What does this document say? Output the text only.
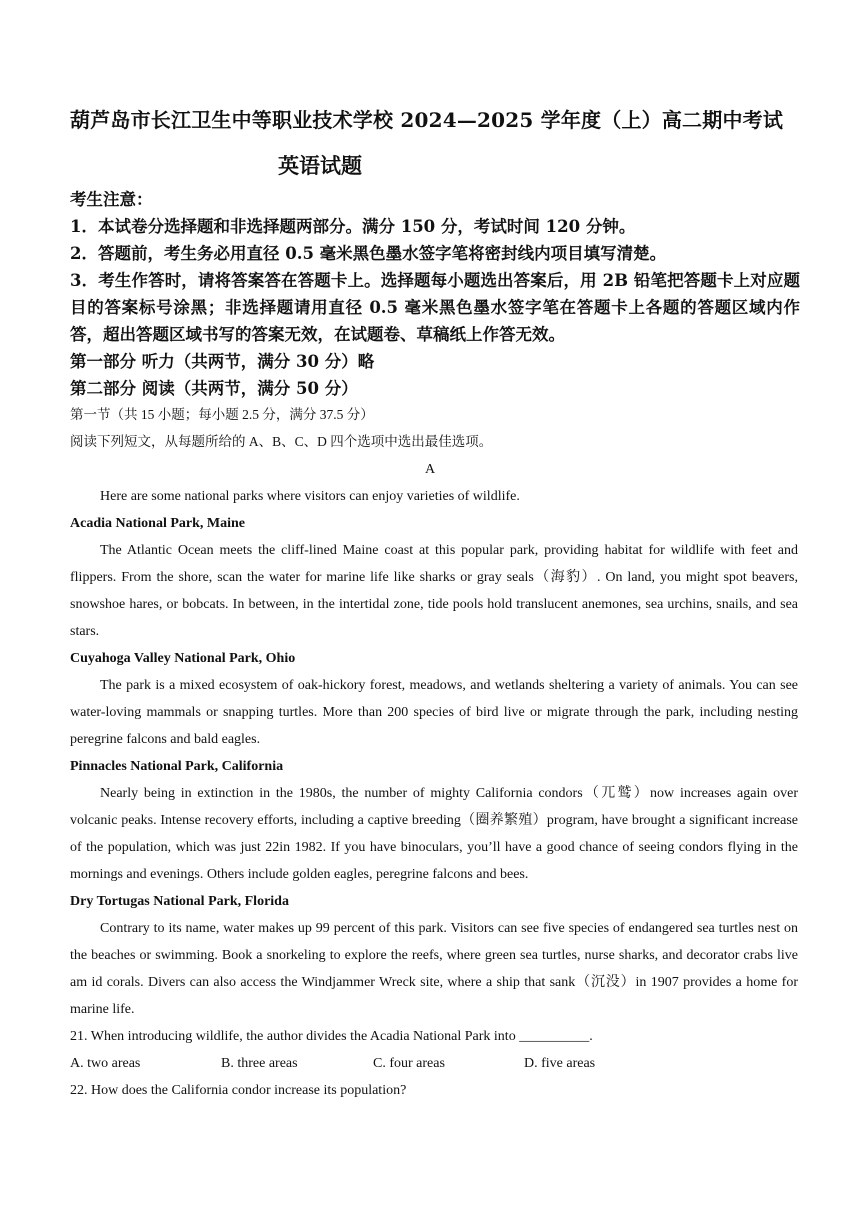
葫芦岛市长江卫生中等职业技术学校 2024—2025 学年度（上）高二期中考试
英语试题
考生注意：
1．本试卷分选择题和非选择题两部分。满分 150 分，考试时间 120 分钟。
2．答题前，考生务必用直径 0.5 毫米黑色墨水签字笔将密封线内项目填写清楚。
3．考生作答时，请将答案答在答题卡上。选择题每小题选出答案后，用 2B 铅笔把答题卡上对应题目的答案标号涂黑；非选择题请用直径 0.5 毫米黑色墨水签字笔在答题卡上各题的答题区域内作答，超出答题区域书写的答案无效，在试题卷、草稿纸上作答无效。
第一部分 听力（共两节，满分 30 分）略
第二部分 阅读（共两节，满分 50 分）
第一节（共 15 小题；每小题 2.5 分，满分 37.5 分）
阅读下列短文，从每题所给的 A、B、C、D 四个选项中选出最佳选项。
A
Here are some national parks where visitors can enjoy varieties of wildlife.
Acadia National Park, Maine
The Atlantic Ocean meets the cliff-lined Maine coast at this popular park, providing habitat for wildlife with feet and flippers. From the shore, scan the water for marine life like sharks or gray seals（海豹）. On land, you might spot beavers, snowshoe hares, or bobcats. In between, in the intertidal zone, tide pools hold translucent anemones, sea urchins, snails, and sea stars.
Cuyahoga Valley National Park, Ohio
The park is a mixed ecosystem of oak-hickory forest, meadows, and wetlands sheltering a variety of animals. You can see water-loving mammals or snapping turtles. More than 200 species of bird live or migrate through the park, including nesting peregrine falcons and bald eagles.
Pinnacles National Park, California
Nearly being in extinction in the 1980s, the number of mighty California condors（兀鹫）now increases again over volcanic peaks. Intense recovery efforts, including a captive breeding（圈养繁殖）program, have brought a significant increase of the population, which was just 22in 1982. If you have binoculars, you’ll have a good chance of seeing condors flying in the mornings and evenings. Others include golden eagles, peregrine falcons and bees.
Dry Tortugas National Park, Florida
Contrary to its name, water makes up 99 percent of this park. Visitors can see five species of endangered sea turtles nest on the beaches or swimming. Book a snorkeling to explore the reefs, where green sea turtles, nurse sharks, and decorator crabs live am id corals. Divers can also access the Windjammer Wreck site, where a ship that sank（沉没）in 1907 provides a home for marine life.
21. When introducing wildlife, the author divides the Acadia National Park into __________.
A. two areas	B. three areas	C. four areas	D. five areas
22. How does the California condor increase its population?
